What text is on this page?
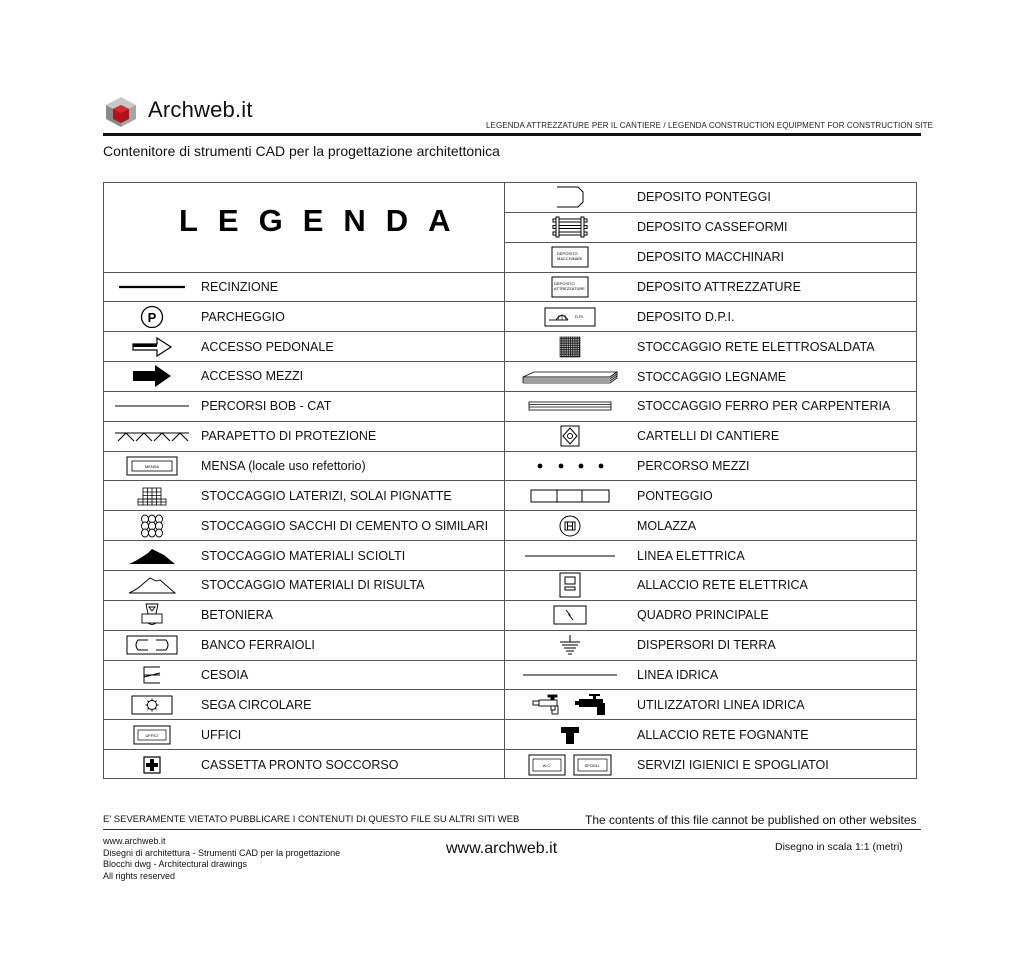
Archweb.it
LEGENDA ATTREZZATURE PER IL CANTIERE / LEGENDA CONSTRUCTION EQUIPMENT FOR CONSTRUCTION SITE
Contenitore di strumenti CAD per la progettazione architettonica
LEGENDA
RECINZIONE
P	PARCHEGGIO
ACCESSO PEDONALE
ACCESSO MEZZI
PERCORSI BOB - CAT
PARAPETTO DI PROTEZIONE
MENSA	MENSA (locale uso refettorio)
STOCCAGGIO LATERIZI, SOLAI PIGNATTE
STOCCAGGIO SACCHI DI CEMENTO O SIMILARI
STOCCAGGIO MATERIALI SCIOLTI
STOCCAGGIO MATERIALI DI RISULTA
BETONIERA
BANCO FERRAIOLI
CESOIA
SEGA CIRCOLARE
UFFICI	UFFICI
CASSETTA PRONTO SOCCORSO
DEPOSITO PONTEGGI
DEPOSITO CASSEFORMI
DEPOSITO
MACCHINARI	DEPOSITO MACCHINARI
DEPOSITO
ATTREZZATURE	DEPOSITO ATTREZZATURE
D.P.I.	DEPOSITO D.P.I.
STOCCAGGIO RETE ELETTROSALDATA
STOCCAGGIO LEGNAME
STOCCAGGIO FERRO PER CARPENTERIA
CARTELLI DI CANTIERE
PERCORSO MEZZI
PONTEGGIO
MOLAZZA
LINEA ELETTRICA
ALLACCIO RETE ELETTRICA
QUADRO PRINCIPALE
DISPERSORI DI TERRA
LINEA IDRICA
UTILIZZATORI LINEA IDRICA
ALLACCIO RETE FOGNANTE
W.C.	SPOGLI.	SERVIZI IGIENICI E SPOGLIATOI
E' SEVERAMENTE VIETATO PUBBLICARE I CONTENUTI DI QUESTO FILE SU ALTRI SITI WEB	The contents of this file cannot be published on other websites
www.archweb.it
Disegni di architettura - Strumenti CAD per la progettazione
Blocchi dwg - Architectural drawings
All rights reserved
www.archweb.it	Disegno in scala 1:1 (metri)
